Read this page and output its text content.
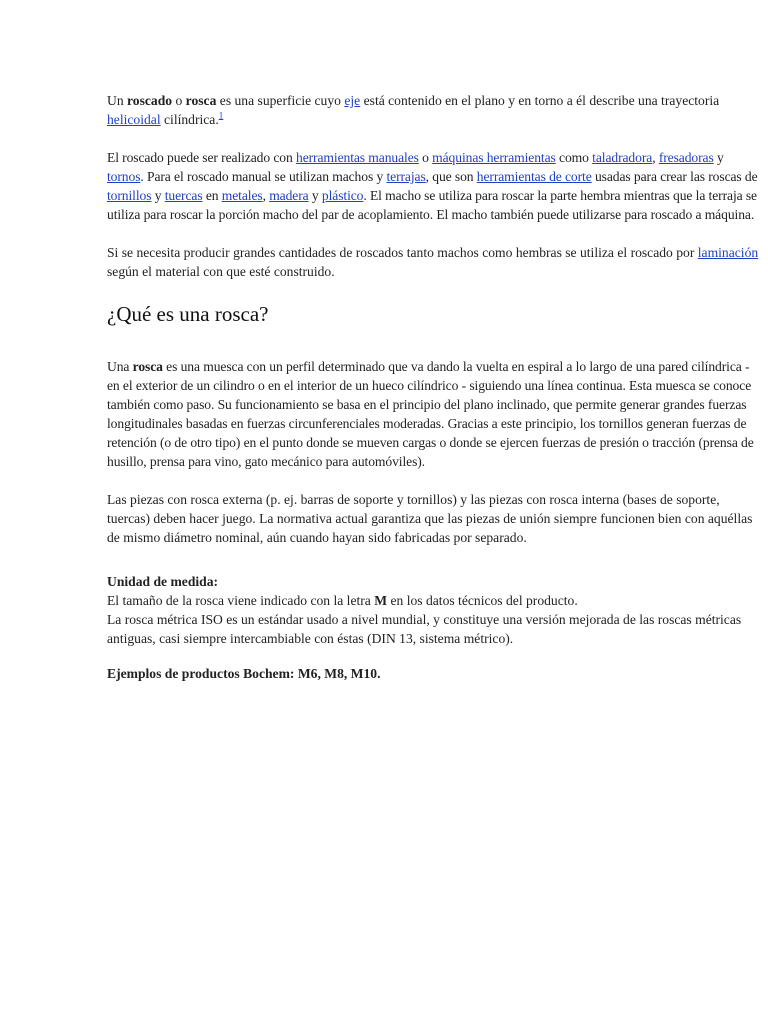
Un roscado o rosca es una superficie cuyo eje está contenido en el plano y en torno a él describe una trayectoria helicoidal cilíndrica.$^1$

El roscado puede ser realizado con herramientas manuales o máquinas herramientas como taladradora, fresadoras y tornos. Para el roscado manual se utilizan machos y terrajas, que son herramientas de corte usadas para crear las roscas de tornillos y tuercas en metales, madera y plástico. El macho se utiliza para roscar la parte hembra mientras que la terraja se utiliza para roscar la porción macho del par de acoplamiento. El macho también puede utilizarse para roscado a máquina.

Si se necesita producir grandes cantidades de roscados tanto machos como hembras se utiliza el roscado por laminación según el material con que esté construido.

¿Qué es una rosca?

Una rosca es una muesca con un perfil determinado que va dando la vuelta en espiral a lo largo de una pared cilíndrica - en el exterior de un cilindro o en el interior de un hueco cilíndrico - siguiendo una línea continua. Esta muesca se conoce también como paso. Su funcionamiento se basa en el principio del plano inclinado, que permite generar grandes fuerzas longitudinales basadas en fuerzas circunferenciales moderadas. Gracias a este principio, los tornillos generan fuerzas de retención (o de otro tipo) en el punto donde se mueven cargas o donde se ejercen fuerzas de presión o tracción (prensa de husillo, prensa para vino, gato mecánico para automóviles).

Las piezas con rosca externa (p. ej. barras de soporte y tornillos) y las piezas con rosca interna (bases de soporte, tuercas) deben hacer juego. La normativa actual garantiza que las piezas de unión siempre funcionen bien con aquéllas de mismo diámetro nominal, aún cuando hayan sido fabricadas por separado.

Unidad de medida:
El tamaño de la rosca viene indicado con la letra M en los datos técnicos del producto.
La rosca métrica ISO es un estándar usado a nivel mundial, y constituye una versión mejorada de las roscas métricas antiguas, casi siempre intercambiable con éstas (DIN 13, sistema métrico).

Ejemplos de productos Bochem: M6, M8, M10.
